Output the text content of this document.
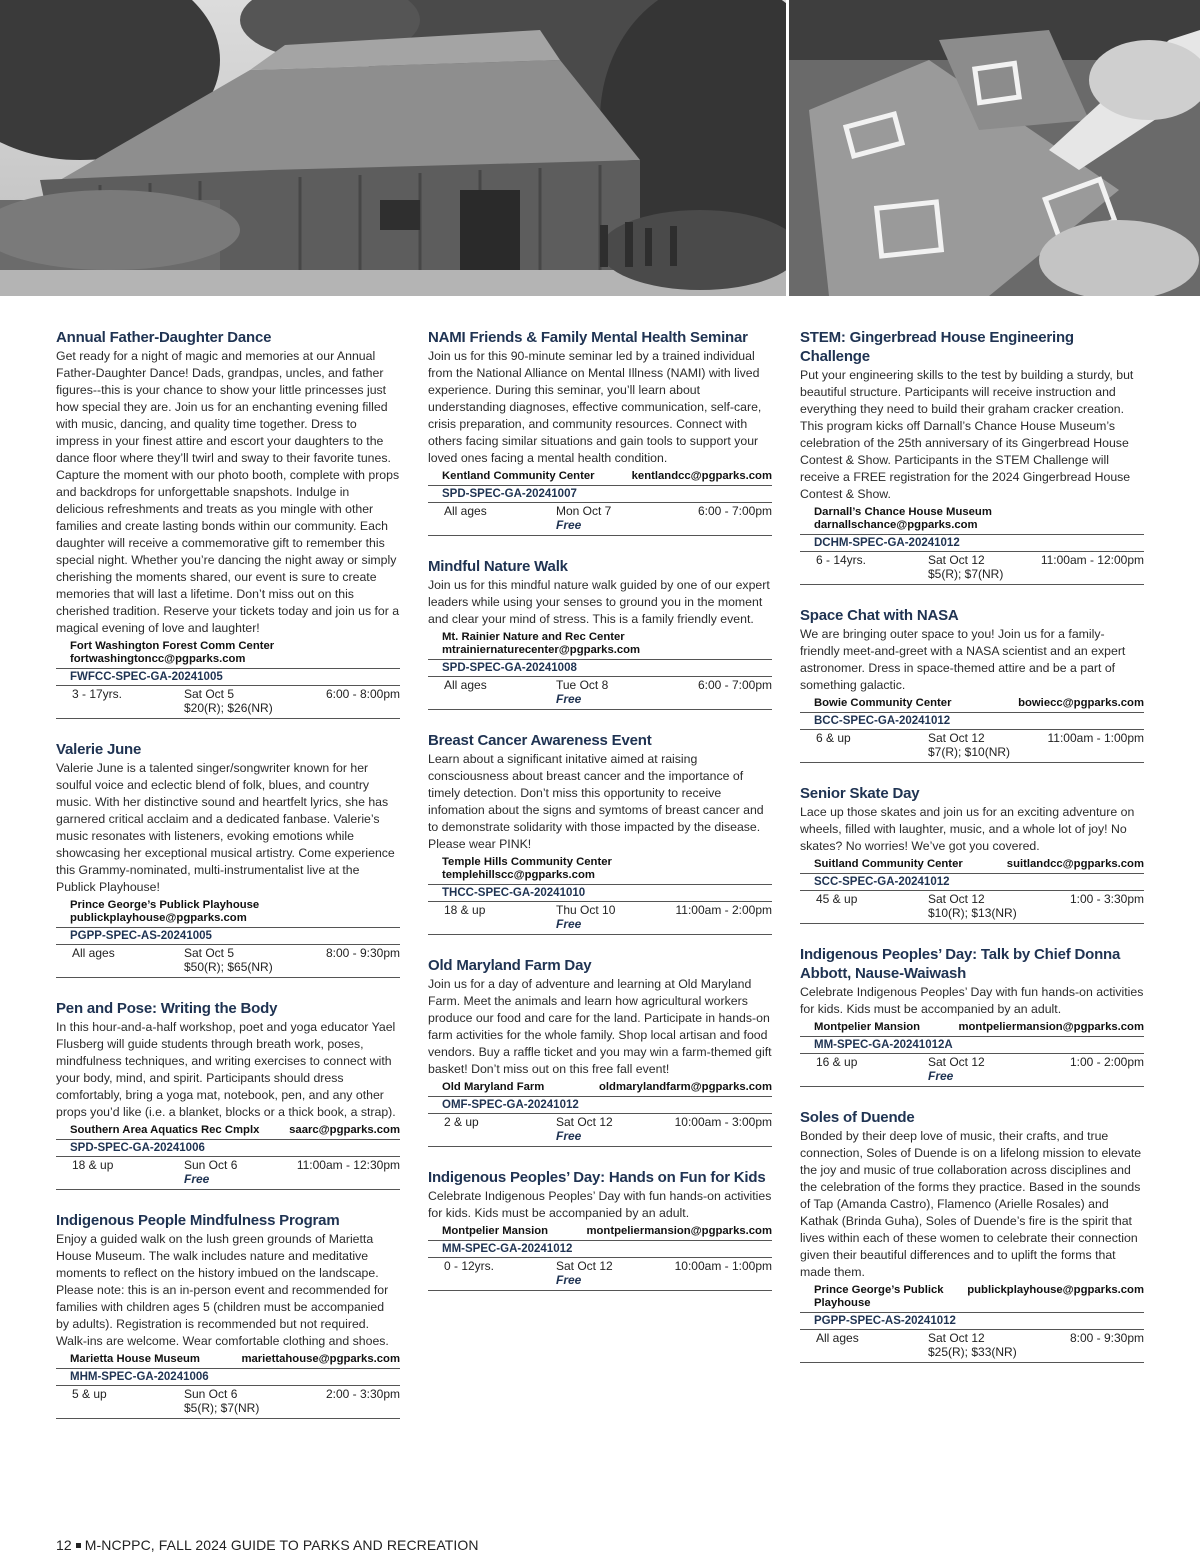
Annual Father-Daughter Dance

Get ready for a night of magic and memories at our Annual Father-Daughter Dance! Dads, grandpas, uncles, and father figures--this is your chance to show your little princesses just how special they are. Join us for an enchanting evening filled with music, dancing, and quality time together. Dress to impress in your finest attire and escort your daughters to the dance floor where they’ll twirl and sway to their favorite tunes. Capture the moment with our photo booth, complete with props and backdrops for unforgettable snapshots. Indulge in delicious refreshments and treats as you mingle with other families and create lasting bonds within our community. Each daughter will receive a commemorative gift to remember this special night. Whether you’re dancing the night away or simply cherishing the moments shared, our event is sure to create memories that will last a lifetime. Don’t miss out on this cherished tradition. Reserve your tickets today and join us for a magical evening of love and laughter!

Fort Washington Forest Comm Center
fortwashingtoncc@pgparks.com
FWFCC-SPEC-GA-20241005
3 - 17yrs.	Sat Oct 5	6:00 - 8:00pm
$20(R); $26(NR)
Valerie June

Valerie June is a talented singer/songwriter known for her soulful voice and eclectic blend of folk, blues, and country music. With her distinctive sound and heartfelt lyrics, she has garnered critical acclaim and a dedicated fanbase. Valerie’s music resonates with listeners, evoking emotions while showcasing her exceptional musical artistry. Come experience this Grammy-nominated, multi-instrumentalist live at the Publick Playhouse!

Prince George’s Publick Playhouse
publickplayhouse@pgparks.com
PGPP-SPEC-AS-20241005
All ages	Sat Oct 5	8:00 - 9:30pm
$50(R); $65(NR)
Pen and Pose: Writing the Body

In this hour-and-a-half workshop, poet and yoga educator Yael Flusberg will guide students through breath work, poses, mindfulness techniques, and writing exercises to connect with your body, mind, and spirit. Participants should dress comfortably, bring a yoga mat, notebook, pen, and any other props you’d like (i.e. a blanket, blocks or a thick book, a strap).

Southern Area Aquatics Rec Cmplx	saarc@pgparks.com
SPD-SPEC-GA-20241006
18 & up	Sun Oct 6	11:00am - 12:30pm
Free
Indigenous People Mindfulness Program

Enjoy a guided walk on the lush green grounds of Marietta House Museum. The walk includes nature and meditative moments to reflect on the history imbued on the landscape. Please note: this is an in-person event and recommended for families with children ages 5 (children must be accompanied by adults). Registration is recommended but not required. Walk-ins are welcome. Wear comfortable clothing and shoes.

Marietta House Museum	mariettahouse@pgparks.com
MHM-SPEC-GA-20241006
5 & up	Sun Oct 6	2:00 - 3:30pm
$5(R); $7(NR)
NAMI Friends & Family Mental Health Seminar

Join us for this 90-minute seminar led by a trained individual from the National Alliance on Mental Illness (NAMI) with lived experience. During this seminar, you’ll learn about understanding diagnoses, effective communication, self-care, crisis preparation, and community resources. Connect with others facing similar situations and gain tools to support your loved ones facing a mental health condition.

Kentland Community Center	kentlandcc@pgparks.com
SPD-SPEC-GA-20241007
All ages	Mon Oct 7	6:00 - 7:00pm
Free
Mindful Nature Walk

Join us for this mindful nature walk guided by one of our expert leaders while using your senses to ground you in the moment and clear your mind of stress. This is a family friendly event.

Mt. Rainier Nature and Rec Center
mtrainiernaturecenter@pgparks.com
SPD-SPEC-GA-20241008
All ages	Tue Oct 8	6:00 - 7:00pm
Free
Breast Cancer Awareness Event

Learn about a significant initative aimed at raising consciousness about breast cancer and the importance of timely detection. Don’t miss this opportunity to receive infomation about the signs and symtoms of breast cancer and to demonstrate solidarity with those impacted by the disease. Please wear PINK!

Temple Hills Community Center
templehillscc@pgparks.com
THCC-SPEC-GA-20241010
18 & up	Thu Oct 10	11:00am - 2:00pm
Free
Old Maryland Farm Day

Join us for a day of adventure and learning at Old Maryland Farm. Meet the animals and learn how agricultural workers produce our food and care for the land. Participate in hands-on farm activities for the whole family. Shop local artisan and food vendors. Buy a raffle ticket and you may win a farm-themed gift basket! Don’t miss out on this free fall event!

Old Maryland Farm	oldmarylandfarm@pgparks.com
OMF-SPEC-GA-20241012
2 & up	Sat Oct 12	10:00am - 3:00pm
Free
Indigenous Peoples’ Day: Hands on Fun for Kids

Celebrate Indigenous Peoples’ Day with fun hands-on activities for kids. Kids must be accompanied by an adult.

Montpelier Mansion	montpeliermansion@pgparks.com
MM-SPEC-GA-20241012
0 - 12yrs.	Sat Oct 12	10:00am - 1:00pm
Free
STEM: Gingerbread House Engineering Challenge

Put your engineering skills to the test by building a sturdy, but beautiful structure. Participants will receive instruction and everything they need to build their graham cracker creation. This program kicks off Darnall’s Chance House Museum’s celebration of the 25th anniversary of its Gingerbread House Contest & Show. Participants in the STEM Challenge will receive a FREE registration for the 2024 Gingerbread House Contest & Show.

Darnall’s Chance House Museum
darnallschance@pgparks.com
DCHM-SPEC-GA-20241012
6 - 14yrs.	Sat Oct 12	11:00am - 12:00pm
$5(R); $7(NR)
Space Chat with NASA

We are bringing outer space to you! Join us for a family-friendly meet-and-greet with a NASA scientist and an expert astronomer. Dress in space-themed attire and be a part of something galactic.

Bowie Community Center	bowiecc@pgparks.com
BCC-SPEC-GA-20241012
6 & up	Sat Oct 12	11:00am - 1:00pm
$7(R); $10(NR)
Senior Skate Day

Lace up those skates and join us for an exciting adventure on wheels, filled with laughter, music, and a whole lot of joy! No skates? No worries! We’ve got you covered.

Suitland Community Center	suitlandcc@pgparks.com
SCC-SPEC-GA-20241012
45 & up	Sat Oct 12	1:00 - 3:30pm
$10(R); $13(NR)
Indigenous Peoples’ Day: Talk by Chief Donna Abbott, Nause-Waiwash

Celebrate Indigenous Peoples’ Day with fun hands-on activities for kids. Kids must be accompanied by an adult.

Montpelier Mansion	montpeliermansion@pgparks.com
MM-SPEC-GA-20241012A
16 & up	Sat Oct 12	1:00 - 2:00pm
Free
Soles of Duende

Bonded by their deep love of music, their crafts, and true connection, Soles of Duende is on a lifelong mission to elevate the joy and music of true collaboration across disciplines and the celebration of the forms they practice. Based in the sounds of Tap (Amanda Castro), Flamenco (Arielle Rosales) and Kathak (Brinda Guha), Soles of Duende’s fire is the spirit that lives within each of these women to celebrate their connection given their beautiful differences and to uplift the forms that made them.

Prince George’s Publick Playhouse
publickplayhouse@pgparks.com
PGPP-SPEC-AS-20241012
All ages	Sat Oct 12	8:00 - 9:30pm
$25(R); $33(NR)
12 M-NCPPC, FALL 2024 GUIDE TO PARKS AND RECREATION
